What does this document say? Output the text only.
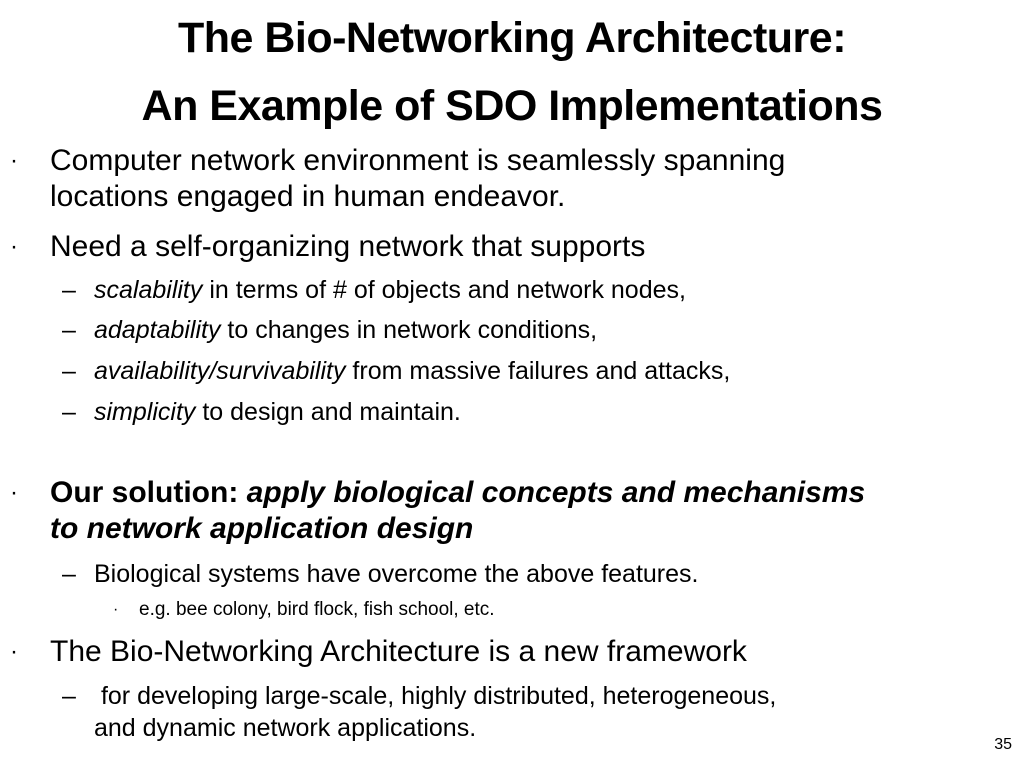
The Bio-Networking Architecture:
An Example of SDO Implementations
· Computer network environment is seamlessly spanning
locations engaged in human endeavor.
· Need a self-organizing network that supports
– scalability in terms of # of objects and network nodes,
– adaptability to changes in network conditions,
– availability/survivability from massive failures and attacks,
– simplicity to design and maintain.
· Our solution: apply biological concepts and mechanisms
to network application design
– Biological systems have overcome the above features.
· e.g. bee colony, bird flock, fish school, etc.
· The Bio-Networking Architecture is a new framework
– for developing large-scale, highly distributed, heterogeneous,
and dynamic network applications.
35
